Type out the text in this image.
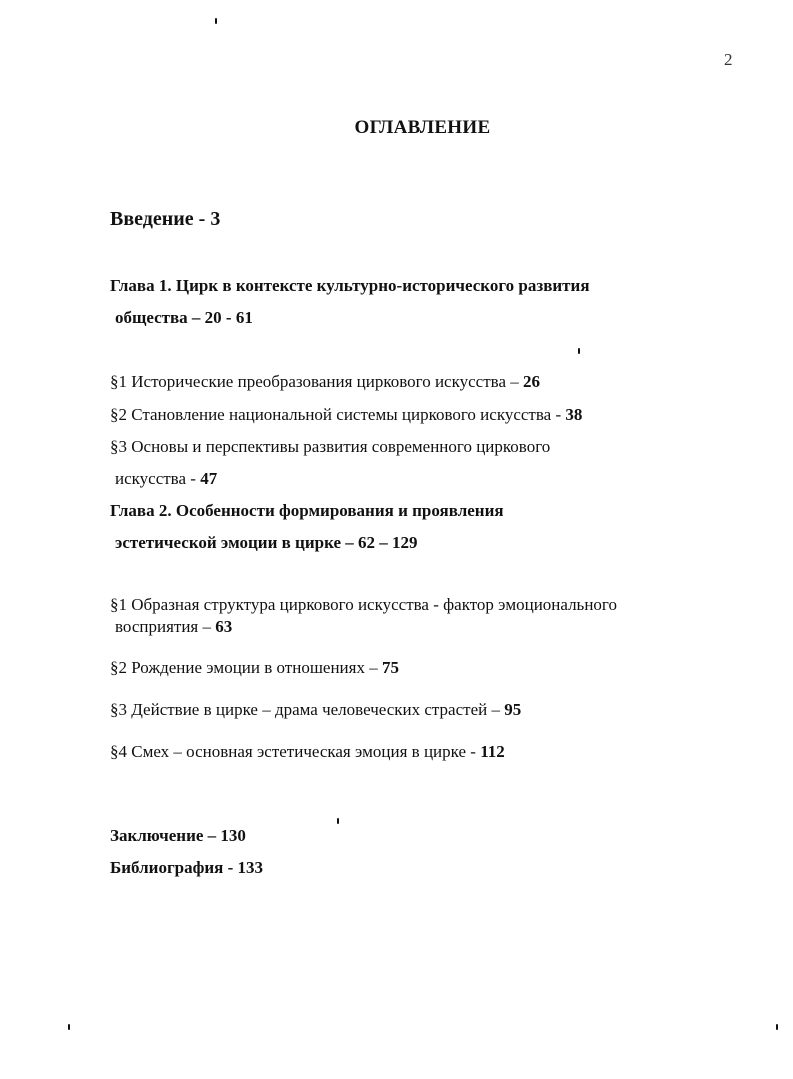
2
ОГЛАВЛЕНИЕ
Введение - 3
Глава 1. Цирк в контексте культурно-исторического развития
общества – 20 - 61
§1 Исторические преобразования циркового искусства – 26
§2 Становление национальной системы циркового искусства - 38
§3 Основы и перспективы развития современного циркового
искусства - 47
Глава 2. Особенности формирования и проявления
эстетической эмоции в цирке – 62 – 129
§1 Образная структура циркового искусства - фактор эмоционального
восприятия – 63
§2 Рождение эмоции в отношениях – 75
§3 Действие в цирке – драма человеческих страстей – 95
§4 Смех – основная эстетическая эмоция в цирке - 112
Заключение – 130
Библиография - 133
